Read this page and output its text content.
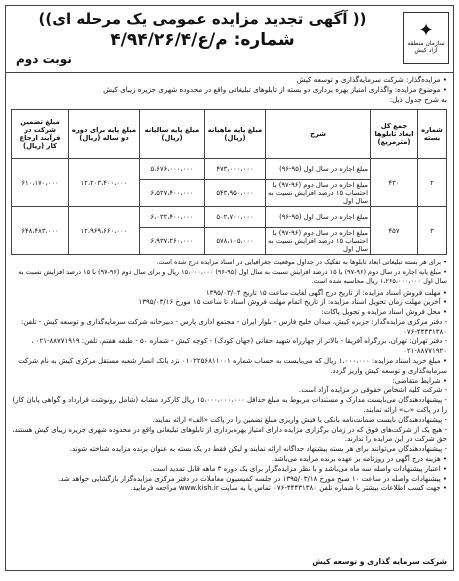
✦
سازمان منطقه آزاد کیش
(( آگهی تجدید مزایده عمومی یک مرحله ای))
شماره: م/ع/۴/۹۴/۲۶/۴
نوبت دوم
• مزایده‌گذار: شرکت سرمایه‌گذاری و توسعه کیش
• موضوع مزایده: واگذاری امتیاز بهره برداری دو بسته از تابلوهای تبلیغاتی واقع در محدوده شهری جزیره زیبای کیش
به شرح جدول ذیل:
شماره بسته	جمع کل ابعاد تابلوها (مترمربع)	شرح	مبلغ پایه ماهیانه (ریال)	مبلغ پایه سالیانه (ریال)	مبلغ پایه برای دوره دو ساله (ریال)	مبلغ تضمین شرکت در فرآیند ارجاع کار (ریال)
۲	۴۳۰	مبلغ اجاره در سال اول (۹۵-۹۶)	۴۷۳،۰۰۰،۰۰۰	۵،۶۷۶،۰۰۰،۰۰۰	۱۲،۲۰۳،۴۰۰،۰۰۰	۶۱۰،۱۷۰،۰۰۰
		مبلغ اجاره در سال دوم (۹۶-۹۷) با احتساب ۱۵ درصد افزایش نسبت به سال اول	۵۴۳،۹۵۰،۰۰۰	۶،۵۲۷،۴۰۰،۰۰۰		
۳	۴۵۷	مبلغ اجاره در سال اول (۹۵-۹۶)	۵۰۲،۷۰۰،۰۰۰	۶،۰۳۲،۴۰۰،۰۰۰	۱۲،۹۶۹،۶۶۰،۰۰۰	۶۴۸،۴۸۳،۰۰۰
		مبلغ اجاره در سال دوم (۹۶-۹۷) با احتساب ۱۵ درصد افزایش نسبت به سال اول	۵۷۸،۱۰۵،۰۰۰	۶،۹۳۷،۲۶۰،۰۰۰		
• برای هر بسته تبلیغاتی ابعاد تابلوها به تفکیک در جداول موقعیت جغرافیایی در اسناد مزایده درج شده است.
• مبلغ پایه اجاره در سال دوم (۹۶-۹۷) با ۱۵ درصد افزایش نسبت به سال اول (۹۵-۹۶) ۱۵،۰۰۰،۰۰۰ ریال و برای سال دوم (۹۶-۹۷) با ۱۵ درصد افزایش نسبت به سال اول ۱،۲۶۵،۰۰۰،۰۰۰ ریال محاسبه شده است.
• مهلت فروش اسناد مزایده: از تاریخ درج آگهی لغایت ساعت ۱۵ تاریخ ۱۳۹۵/۰۳/۰۴
• آخرین مهلت زمان تحویل اسناد مزایده: از تاریخ اتمام مهلت فروش اسناد تا ساعت ۱۵ مورخ ۱۳۹۵/۰۳/۱۶
• محل فروش اسناد مزایده و تحویل پاکات:
- دفتر مرکزی مزایده‌گذار: جزیره کیش، میدان خلیج فارس - بلوار ایران - مجتمع اداری پارس - دبیرخانه شرکت سرمایه‌گذاری و توسعه کیش - تلفن: ۴۴۴۳۱۳۸۰-۰۷۶
- دفتر تهران: تهران، بزرگراه آفریقا - بالاتر از چهارراه شهید حقانی (جهان کودک) - کوچه کیش - شماره ۵۰ - طبقه هفتم، تلفن: ۸۸۷۷۱۹۱۹-۰۲۱ ، ۸۸۷۷۱۹۲۰-۰۲۱
• مبلغ خرید اسناد مزایده: ۱،۰۰۰،۰۰۰ ریال که می‌بایست به حساب شماره ۰۱۰۲۲۵۶۸۱۱۰۰۱ نزد بانک انصار شعبه مستقل مرکزی کیش به نام شرکت سرمایه‌گذاری و توسعه کیش واریز گردد.
• شرایط متقاضی:
- شرکت کلیه اشخاص حقوقی در مزایده آزاد است.
- پیشنهاددهندگان می‌بایست مدارک و مستندات مربوط به مبلغ حداقل ۱۵،۰۰۰،۰۰۰،۰۰۰ ریال کارکرد مشابه (شامل رونوشت قرارداد و گواهی پایان کار) را در پاکت «ب» ارائه نمایند.
- پیشنهاددهندگان بایست ضمانت‌نامه بانکی یا فیش واریزی مبلغ تضمین را در پاکت «الف» ارائه نمایند.
- هیچ یک از شرکت‌های فوق که در زمان برگزاری مزایده دارای امتیاز بهره‌برداری از تابلوهای تبلیغاتی واقع در محدوده شهری جزیره زیبای کیش هستند، حق شرکت در این مزایده را ندارند.
- پیشنهاددهندگان می‌توانند برای هر بسته پیشنهاد جداگانه ارائه نمایند و لیکن فقط در یک بسته به عنوان برنده مزایده شناخته شوند.
• هزینه درج آگهی در روزنامه بر عهده برنده مزایده می‌باشد.
• اعتبار پیشنهادات واصله سه ماه می‌باشد و با نظر مزایده‌گزار برای یک دوره ۳ ماهه قابل تمدید است.
• پیشنهادات واصله در ساعت ۱۰ صبح مورخ ۱۳۹۵/۰۳/۱۸ در جلسه کمیسیون معاملات در دفتر مرکزی مزایده‌گزار بازگشایی خواهد شد.
• جهت کسب اطلاعات بیشتر با شماره تلفن ۴۴۴۳۱۳۸۰-۰۷۶ تماس یا به سایت www.kish.ir مراجعه فرمایید.
شرکت سرمایه گذاری و توسعه کیش
